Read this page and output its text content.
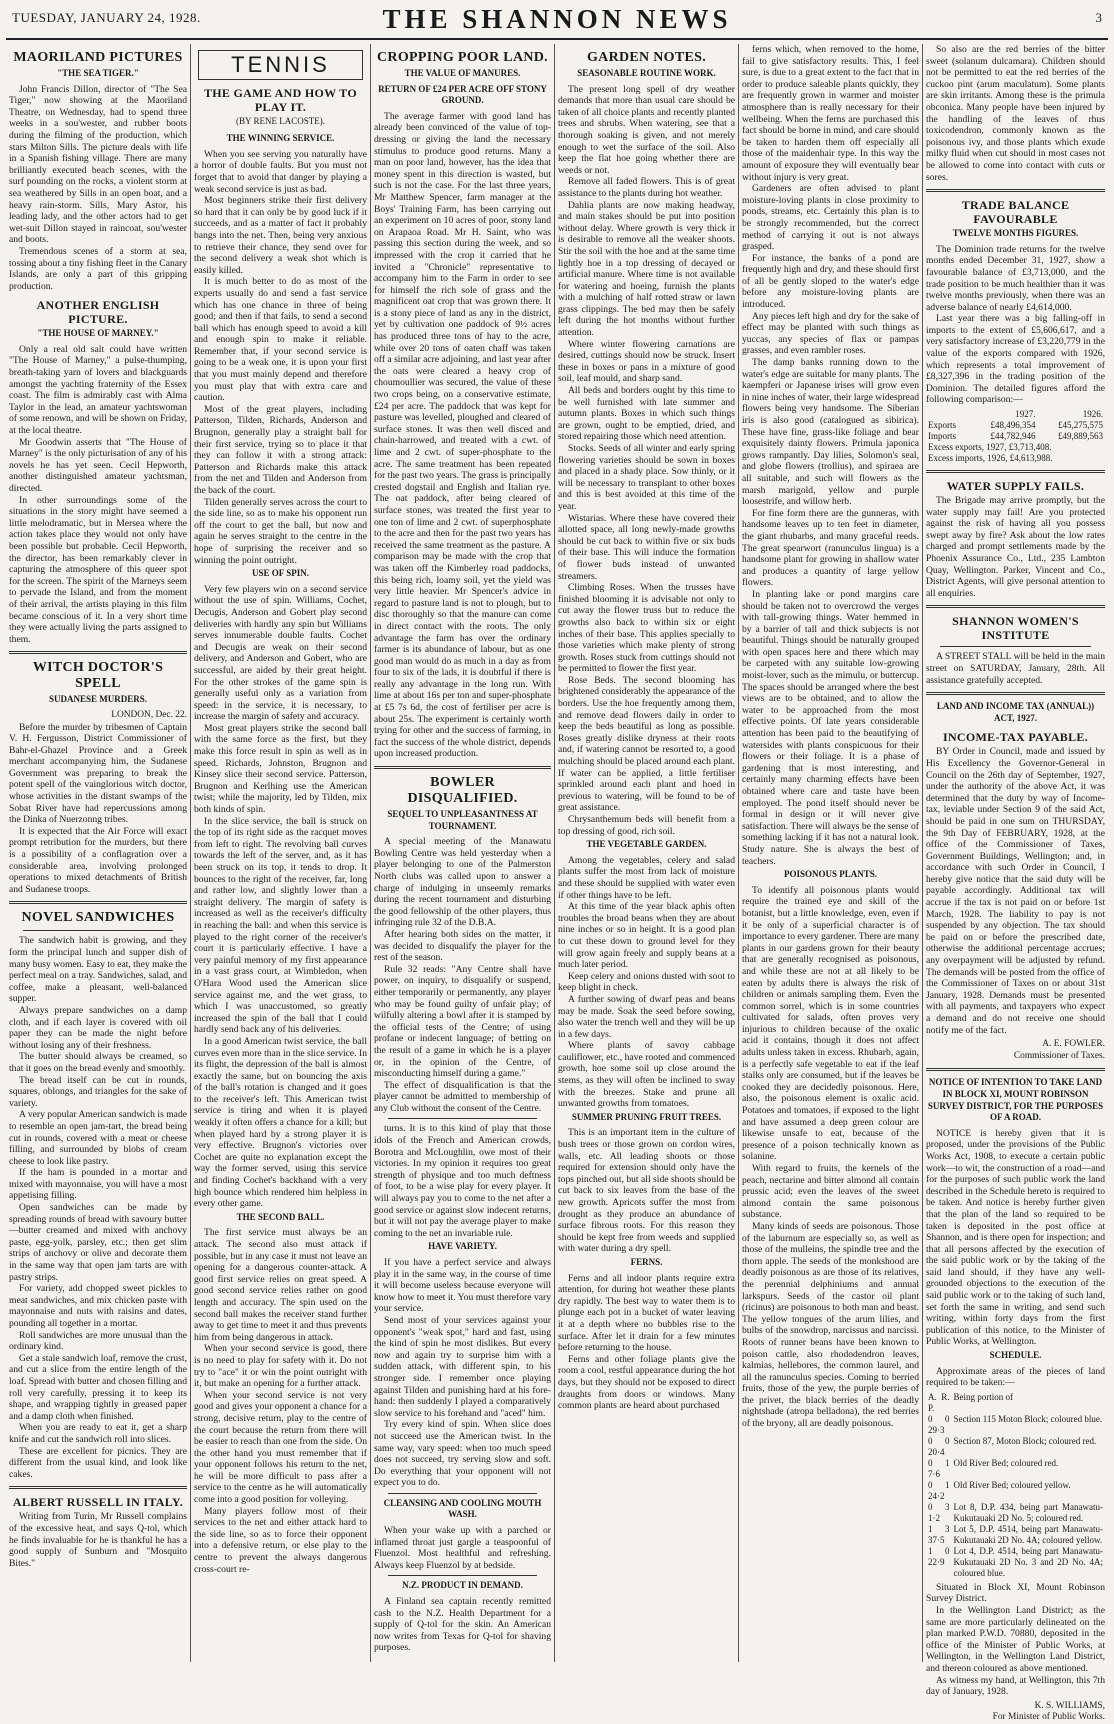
TUESDAY, JANUARY 24, 1928.	THE SHANNON NEWS	3
MAORILAND PICTURES
"THE SEA TIGER."

John Francis Dillon, director of "The Sea Tiger," now showing at the Maoriland Theatre, on Wednesday, had to spend three weeks in a sou'wester, and rubber boots during the filming of the production, which stars Milton Sills. The picture deals with life in a Spanish fishing village. There are many brilliantly executed beach scenes, with the surf pounding on the rocks, a violent storm at sea weathered by Sills in an open boat, and a heavy rain-storm. Sills, Mary Astor, his leading lady, and the other actors had to get wet-suit Dillon stayed in raincoat, sou'wester and boots.

Tremendous scenes of a storm at sea, tossing about a tiny fishing fleet in the Canary Islands, are only a part of this gripping production.

ANOTHER ENGLISH PICTURE.
"THE HOUSE OF MARNEY."

Only a real old salt could have written "The House of Marney," a pulse-thumping, breath-taking yarn of lovers and blackguards amongst the yachting fraternity of the Essex coast. The film is admirably cast with Alma Taylor in the lead, an amateur yachtswoman of some renown, and will be shown on Friday, at the local theatre.

Mr Goodwin asserts that "The House of Marney" is the only picturisation of any of his novels he has yet seen. Cecil Hepworth, another distinguished amateur yachtsman, directed.

In other surroundings some of the situations in the story might have seemed a little melodramatic, but in Mersea where the action takes place they would not only have been possible but probable. Cecil Hepworth, the director, has been remarkably clever in capturing the atmosphere of this queer spot for the screen. The spirit of the Marneys seem to pervade the Island, and from the moment of their arrival, the artists playing in this film became conscious of it. In a very short time they were actually living the parts assigned to them.

WITCH DOCTOR'S SPELL
SUDANESE MURDERS.
LONDON, Dec. 22.

Before the murder by tribesmen of Captain V. H. Fergusson, District Commissioner of Bahr-el-Ghazel Province and a Greek merchant accompanying him, the Sudanese Government was preparing to break the potent spell of the vainglorious witch doctor, whose activities in the distant swamps of the Sobat River have had repercussions among the Dinka of Nuerzonng tribes.

It is expected that the Air Force will exact prompt retribution for the murders, but there is a possibility of a conflagration over a considerable area, involving prolonged operations to mixed detachments of British and Sudanese troops.

NOVEL SANDWICHES

The sandwich habit is growing, and they form the principal lunch and supper dish of many busy women. Easy to eat, they make the perfect meal on a tray. Sandwiches, salad, and coffee, make a pleasant, well-balanced supper.

Always prepare sandwiches on a damp cloth, and if each layer is covered with oil paper they can be made the night before without losing any of their freshness.

The butter should always be creamed, so that it goes on the bread evenly and smoothly.

The bread itself can be cut in rounds, squares, oblongs, and triangles for the sake of variety.

A very popular American sandwich is made to resemble an open jam-tart, the bread being cut in rounds, covered with a meat or cheese filling, and surrounded by blobs of cream cheese to look like pastry.

If the ham is pounded in a mortar and mixed with mayonnaise, you will have a most appetising filling.

Open sandwiches can be made by spreading rounds of bread with savoury butter—butter creamed and mixed with anchovy paste, egg-yolk, parsley, etc.; then get slim strips of anchovy or olive and decorate them in the same way that open jam tarts are with pastry strips.

For variety, add chopped sweet pickles to meat sandwiches, and mix chicken paste with mayonnaise and nuts with raisins and dates, pounding all together in a mortar.

Roll sandwiches are more unusual than the ordinary kind.

Get a stale sandwich loaf, remove the crust, and cut a slice from the entire length of the loaf. Spread with butter and chosen filling and roll very carefully, pressing it to keep its shape, and wrapping tightly in greased paper and a damp cloth when finished.

When you are ready to eat it, get a sharp knife and cut the sandwich roll into slices.

These are excellent for picnics. They are different from the usual kind, and look like cakes.

ALBERT RUSSELL IN ITALY.

Writing from Turin, Mr Russell complains of the excessive heat, and says Q-tol, which he finds invaluable for he is thankful he has a good supply of Sunburn and "Mosquito Bites."

TENNIS
THE GAME AND HOW TO PLAY IT.
(BY RENE LACOSTE).
THE WINNING SERVICE.

When you see serving you naturally have a horror of double faults. But you must not forget that to avoid that danger by playing a weak second service is just as bad.

Most beginners strike their first delivery so hard that it can only be by good luck if it succeeds, and as a matter of fact it probably bangs into the net. Then, being very anxious to retrieve their chance, they send over for the second delivery a weak shot which is easily killed.

It is much better to do as most of the experts usually do and send a fast service which has one chance in three of being good; and then if that fails, to send a second ball which has enough speed to avoid a kill and enough spin to make it reliable. Remember that, if your second service is going to be a weak one, it is upon your first that you must mainly depend and therefore you must play that with extra care and caution.

Most of the great players, including Patterson, Tilden, Richards, Anderson and Brugnon, generally play a straight ball for their first service, trying so to place it that they can follow it with a strong attack: Patterson and Richards make this attack from the net and Tilden and Anderson from the back of the court.

Tilden generally serves across the court to the side line, so as to make his opponent run off the court to get the ball, but now and again he serves straight to the centre in the hope of surprising the receiver and so winning the point outright.

USE OF SPIN.

Very few players win on a second service without the use of spin. Williams, Cochet, Decugis, Anderson and Gobert play second deliveries with hardly any spin but Williams serves innumerable double faults. Cochet and Decugis are weak on their second delivery, and Anderson and Gobert, who are successful, are aided by their great height. For the other strokes of the game spin is generally useful only as a variation from speed: in the service, it is necessary, to increase the margin of safety and accuracy.

Most great players strike the second ball with the same force as the first, but they make this force result in spin as well as in speed. Richards, Johnston, Brugnon and Kinsey slice their second service. Patterson, Brugnon and Kerlhing use the American twist; while the majority, led by Tilden, mix both kinds of spin.

In the slice service, the ball is struck on the top of its right side as the racquet moves from left to right. The revolving ball curves towards the left of the server, and, as it has been struck on its top, it tends to drop. It bounces to the right of the receiver, far, long and rather low, and slightly lower than a straight delivery. The margin of safety is increased as well as the receiver's difficulty in reaching the ball: and when this service is played to the right corner of the receiver's court it is particularly effective. I have a very painful memory of my first appearance in a vast grass court, at Wimbledon, when O'Hara Wood used the American slice service against me, and the wet grass, to which I was unaccustomed, so greatly increased the spin of the ball that I could hardly send back any of his deliveries.

In a good American twist service, the ball curves even more than in the slice service. In its flight, the depression of the ball is almost exactly the same, but on bouncing the axis of the ball's rotation is changed and it goes to the receiver's left. This American twist service is tiring and when it is played weakly it often offers a chance for a kill; but when played hard by a strong player it is very effective. Brugnon's victories over Cochet are quite no explanation except the way the former served, using this service and finding Cochet's backhand with a very high bounce which rendered him helpless in every other game.

THE SECOND BALL.

The first service must always be an attack. The second also must attack if possible, but in any case it must not leave an opening for a dangerous counter-attack. A good first service relies on great speed. A good second service relies rather on good length and accuracy. The spin used on the second ball makes the receiver stand further away to get time to meet it and thus prevents him from being dangerous in attack.

When your second service is good, there is no need to play for safety with it. Do not try to "ace" it or win the point outright with it, but make an opening for a further attack.

When your second service is not very good and gives your opponent a chance for a strong, decisive return, play to the centre of the court because the return from there will be easier to reach than one from the side. On the other hand you must remember that if your opponent follows his return to the net, he will be more difficult to pass after a service to the centre as he will automatically come into a good position for volleying.

Many players follow most of their services to the net and either attack hard to the side line, so as to force their opponent into a defensive return, or else play to the centre to prevent the always dangerous cross-court re-

CROPPING POOR LAND.
THE VALUE OF MANURES.
RETURN OF £24 PER ACRE OFF STONY GROUND.

The average farmer with good land has already been convinced of the value of top-dressing or giving the land the necessary stimulus to produce good returns. Many a man on poor land, however, has the idea that money spent in this direction is wasted, but such is not the case. For the last three years, Mr Matthew Spencer, farm manager at the Boys' Training Farm, has been carrying out an experiment on 10 acres of poor, stony land on Arapaoa Road. Mr H. Saint, who was passing this section during the week, and so impressed with the crop it carried that he invited a "Chronicle" representative to accompany him to the Farm in order to see for himself the rich sole of grass and the magnificent oat crop that was grown there. It is a stony piece of land as any in the district, yet by cultivation one paddock of 9½ acres has produced three tons of hay to the acre, while over 20 tons of oaten chaff was taken off a similar acre adjoining, and last year after the oats were cleared a heavy crop of choumoullier was secured, the value of these two crops being, on a conservative estimate, £24 per acre. The paddock that was kept for pasture was levelled, ploughed and cleared of surface stones. It was then well disced and chain-harrowed, and treated with a cwt. of lime and 2 cwt. of super-phosphate to the acre. The same treatment has been repeated for the past two years. The grass is principally crested dogstail and English and Italian rye. The oat paddock, after being cleared of surface stones, was treated the first year to one ton of lime and 2 cwt. of superphosphate to the acre and then for the past two years has received the same treatment as the pasture. A comparison may be made with the crop that was taken off the Kimberley road paddocks, this being rich, loamy soil, yet the yield was very little heavier. Mr Spencer's advice in regard to pasture land is not to plough, but to disc thoroughly so that the manure can come in direct contact with the roots. The only advantage the farm has over the ordinary farmer is its abundance of labour, but as one good man would do as much in a day as from four to six of the lads, it is doubtful if there is really any advantage in the long run. With lime at about 16s per ton and super-phosphate at £5 7s 6d, the cost of fertiliser per acre is about 25s. The experiment is certainly worth trying for other and the success of farming, in fact the success of the whole district, depends upon increased production.

BOWLER DISQUALIFIED.
SEQUEL TO UNPLEASANTNESS AT TOURNAMENT.

A special meeting of the Manawatu Bowling Centre was held yesterday when a player belonging to one of the Palmerston North clubs was called upon to answer a charge of indulging in unseemly remarks during the recent tournament and disturbing the good fellowship of the other players, thus infringing rule 32 of the D.B.A.

After hearing both sides on the matter, it was decided to disqualify the player for the rest of the season.

Rule 32 reads: "Any Centre shall have power, on inquiry, to disqualify or suspend, either temporarily or permanently, any player who may be found guilty of unfair play; of wilfully altering a bowl after it is stamped by the official tests of the Centre; of using profane or indecent language; of betting on the result of a game in which he is a player or, in the opinion of the Centre, of misconducting himself during a game."

The effect of disqualification is that the player cannot be admitted to membership of any Club without the consent of the Centre.

turns. It is to this kind of play that those idols of the French and American crowds, Borotra and McLoughlin, owe most of their victories. In my opinion it requires too great strength of physique and too much deftness of foot, to be a wise play for every player. It will always pay you to come to the net after a good service or against slow indecent returns, but it will not pay the average player to make coming to the net an invariable rule.

HAVE VARIETY.

If you have a perfect service and always play it in the same way, in the course of time it will become useless because everyone will know how to meet it. You must therefore vary your service.

Send most of your services against your opponent's "weak spot," hard and fast, using the kind of spin he most dislikes. But every now and again try to surprise him with a sudden attack, with different spin, to his stronger side. I remember once playing against Tilden and punishing hard at his fore-hand: then suddenly I played a comparatively slow service to his forehand and "aced" him.

Try every kind of spin. When slice does not succeed use the American twist. In the same way, vary speed: when too much speed does not succeed, try serving slow and soft. Do everything that your opponent will not expect you to do.

CLEANSING AND COOLING MOUTH WASH.

When your wake up with a parched or inflamed throat just gargle a teaspoonful of Fluenzol. Most healthful and refreshing. Always keep Fluenzol by at bedside.

N.Z. PRODUCT IN DEMAND.

A Finland sea captain recently remitted cash to the N.Z. Health Department for a supply of Q-tol for the skin. An American now writes from Texas for Q-tol for shaving purposes.

GARDEN NOTES.
SEASONABLE ROUTINE WORK.

The present long spell of dry weather demands that more than usual care should be taken of all choice plants and recently planted trees and shrubs. When watering, see that a thorough soaking is given, and not merely enough to wet the surface of the soil. Also keep the flat hoe going whether there are weeds or not.

Remove all faded flowers. This is of great assistance to the plants during hot weather.

Dahlia plants are now making headway, and main stakes should be put into position without delay. Where growth is very thick it is desirable to remove all the weaker shoots. Stir the soil with the hoe and at the same time lightly hoe in a top dressing of decayed or artificial manure. Where time is not available for watering and hoeing, furnish the plants with a mulching of half rotted straw or lawn grass clippings. The bed may then be safely left during the hot months without further attention.

Where winter flowering carnations are desired, cuttings should now be struck. Insert these in boxes or pans in a mixture of good soil, leaf mould, and sharp sand.

All beds and borders ought by this time to be well furnished with late summer and autumn plants. Boxes in which such things are grown, ought to be emptied, dried, and stored repairing those which need attention.

Stocks. Seeds of all winter and early spring flowering varieties should be sown in boxes and placed in a shady place. Sow thinly, or it will be necessary to transplant to other boxes and this is best avoided at this time of the year.

Wistarias. Where these have covered their allotted space, all long newly-made growths should be cut back to within five or six buds of their base. This will induce the formation of flower buds instead of unwanted streamers.

Climbing Roses. When the trusses have finished blooming it is advisable not only to cut away the flower truss but to reduce the growths also back to within six or eight inches of their base. This applies specially to those varieties which make plenty of strong growth. Roses stuck from cuttings should not be permitted to flower the first year.

Rose Beds. The second blooming has brightened considerably the appearance of the borders. Use the hoe frequently among them, and remove dead flowers daily in order to keep the beds beautiful as long as possible. Roses greatly dislike dryness at their roots and, if watering cannot be resorted to, a good mulching should be placed around each plant. If water can be applied, a little fertiliser sprinkled around each plant and hoed in previous to watering, will be found to be of great assistance.

Chrysanthemum beds will benefit from a top dressing of good, rich soil.

THE VEGETABLE GARDEN.

Among the vegetables, celery and salad plants suffer the most from lack of moisture and these should be supplied with water even if other things have to be left.

At this time of the year black aphis often troubles the broad beans when they are about nine inches or so in height. It is a good plan to cut these down to ground level for they will grow again freely and supply beans at a much later period.

Keep celery and onions dusted with soot to keep blight in check.

A further sowing of dwarf peas and beans may be made. Soak the seed before sowing, also water the trench well and they will be up in a few days.

Where plants of savoy cabbage cauliflower, etc., have rooted and commenced growth, hoe some soil up close around the stems, as they will often be inclined to sway with the breezes. Stake and prune all unwanted growths from tomatoes.

SUMMER PRUNING FRUIT TREES.

This is an important item in the culture of bush trees or those grown on cordon wires, walls, etc. All leading shoots or those required for extension should only have the tops pinched out, but all side shoots should be cut back to six leaves from the base of the new growth. Apricots suffer the most from drought as they produce an abundance of surface fibrous roots. For this reason they should be kept free from weeds and supplied with water during a dry spell.

FERNS.

Ferns and all indoor plants require extra attention, for during hot weather these plants dry rapidly. The best way to water them is to plunge each pot in a bucket of water leaving it at a depth where no bubbles rise to the surface. After let it drain for a few minutes before returning to the house.

Ferns and other foliage plants give the room a cool, restful appearance during the hot days, but they should not be exposed to direct draughts from doors or windows. Many common plants are heard about purchased

ferns which, when removed to the home, fail to give satisfactory results. This, I feel sure, is due to a great extent to the fact that in order to produce saleable plants quickly, they are frequently grown in warmer and moister atmosphere than is really necessary for their wellbeing. When the ferns are purchased this fact should be borne in mind, and care should be taken to harden them off especially all those of the maidenhair type. In this way the amount of exposure they will eventually bear without injury is very great.

Gardeners are often advised to plant moisture-loving plants in close proximity to ponds, streams, etc. Certainly this plan is to be strongly recommended, but the correct method of carrying it out is not always grasped.

For instance, the banks of a pond are frequently high and dry, and these should first of all be gently sloped to the water's edge before any moisture-loving plants are introduced.

Any pieces left high and dry for the sake of effect may be planted with such things as yuccas, any species of flax or pampas grasses, and even rambler roses.

The damp banks running down to the water's edge are suitable for many plants. The kaempferi or Japanese irises will grow even in nine inches of water, their large widespread flowers being very handsome. The Siberian iris is also good (catalogued as sibirica). These have fine, grass-like foliage and bear exquisitely dainty flowers. Primula japonica grows rampantly. Day lilies, Solomon's seal, and globe flowers (trollius), and spiraea are all suitable, and such will flowers as the marsh marigold, yellow and purple loosestrife, and willow herb.

For fine form there are the gunneras, with handsome leaves up to ten feet in diameter, the giant rhubarbs, and many graceful reeds. The great spearwort (ranunculus lingua) is a handsome plant for growing in shallow water and produces a quantity of large yellow flowers.

In planting lake or pond margins care should be taken not to overcrowd the verges with tall-growing things. Water hemmed in by a barrier of tall and thick subjects is not beautiful. Things should be naturally grouped with open spaces here and there which may be carpeted with any suitable low-growing moist-lover, such as the mimulu, or buttercup. The spaces should be arranged where the best views are to be obtained, and to allow the water to be approached from the most effective points. Of late years considerable attention has been paid to the beautifying of watersides with plants conspicuous for their flowers or their foliage. It is a phase of gardening that is most interesting, and certainly many charming effects have been obtained where care and taste have been employed. The pond itself should never be formal in design or it will never give satisfaction. There will always be the sense of something lacking if it has not a natural look. Study nature. She is always the best of teachers.

POISONOUS PLANTS.

To identify all poisonous plants would require the trained eye and skill of the botanist, but a little knowledge, even, even if it be only of a superficial character is of importance to every gardener. There are many plants in our gardens grown for their beauty that are generally recognised as poisonous, and while these are not at all likely to be eaten by adults there is always the risk of children or animals sampling them. Even the common sorrel, which is in some countries cultivated for salads, often proves very injurious to children because of the oxalic acid it contains, though it does not affect adults unless taken in excess. Rhubarb, again, is a perfectly safe vegetable to eat if the leaf stalks only are consumed, but if the leaves be cooked they are decidedly poisonous. Here, also, the poisonous element is oxalic acid. Potatoes and tomatoes, if exposed to the light and have assumed a deep green colour are likewise unsafe to eat, because of the presence of a poison technically known as solanine.

With regard to fruits, the kernels of the peach, nectarine and bitter almond all contain prussic acid; even the leaves of the sweet almond contain the same poisonous substance.

Many kinds of seeds are poisonous. Those of the laburnum are especially so, as well as those of the mulleins, the spindle tree and the thorn apple. The seeds of the monkshood are deadly poisonous as are those of its relatives, the perennial delphiniums and annual larkspurs. Seeds of the castor oil plant (ricinus) are poisonous to both man and beast. The yellow tongues of the arum lilies, and bulbs of the snowdrop, narcissus and narcissi. Roots of runner beans have been known to poison cattle, also rhododendron leaves, kalmias, hellebores, the common laurel, and all the ranunculus species. Coming to berried fruits, those of the yew, the purple berries of the privet, the black berries of the deadly nightshade (atropa belladona), the red berries of the bryony, all are deadly poisonous.

So also are the red berries of the bitter sweet (solanum dulcamara). Children should not be permitted to eat the red berries of the cuckoo pint (arum maculatum). Some plants are skin irritants. Among these is the primula obconica. Many people have been injured by the handling of the leaves of rhus toxicodendron, commonly known as the poisonous ivy, and those plants which exude milky fluid when cut should in most cases not be allowed to come into contact with cuts or sores.

TRADE BALANCE FAVOURABLE
TWELVE MONTHS FIGURES.

The Dominion trade returns for the twelve months ended December 31, 1927, show a favourable balance of £3,713,000, and the trade position to be much healthier than it was twelve months previously, when there was an adverse balance of nearly £4,614,000.

Last year there was a big falling-off in imports to the extent of £5,606,617, and a very satisfactory increase of £3,220,779 in the value of the exports compared with 1926, which represents a total improvement of £8,327,396 in the trading position of the Dominion. The detailed figures afford the following comparison:—

	1927.	1926.
Exports	£48,496,354	£45,275,575
Imports	£44,782,946	£49,889,563
Excess exports, 1927, £3,713,408.		
Excess imports, 1926, £4,613,988.		
WATER SUPPLY FAILS.

The Brigade may arrive promptly, but the water supply may fail! Are you protected against the risk of having all you possess swept away by fire? Ask about the low rates charged and prompt settlements made by the Phoenix Assurance Co., Ltd., 235 Lambton Quay, Wellington. Parker, Vincent and Co., District Agents, will give personal attention to all enquiries.

SHANNON WOMEN'S INSTITUTE

A STREET STALL will be held in the main street on SATURDAY, January, 28th. All assistance gratefully accepted.

LAND AND INCOME TAX (ANNUAL)) ACT, 1927.
INCOME-TAX PAYABLE.

BY Order in Council, made and issued by His Excellency the Governor-General in Council on the 26th day of September, 1927, under the authority of the above Act, it was determined that the duty by way of Income-tax, leviable under Section 9 of the said Act, should be paid in one sum on THURSDAY, the 9th Day of FEBRUARY, 1928, at the office of the Commissioner of Taxes, Government Buildings, Wellington; and, in accordance with such Order in Council, I hereby give notice that the said duty will be payable accordingly. Additional tax will accrue if the tax is not paid on or before 1st March, 1928. The liability to pay is not suspended by any objection. The tax should be paid on or before the prescribed date, otherwise the additional percentage accrues; any overpayment will be adjusted by refund. The demands will be posted from the office of the Commissioner of Taxes on or about 31st January, 1928. Demands must be presented with all payments, and taxpayers who expect a demand and do not receive one should notify me of the fact.

A. E. FOWLER.
Commissioner of Taxes.
NOTICE OF INTENTION TO TAKE LAND IN BLOCK XI, MOUNT ROBINSON SURVEY DISTRICT, FOR THE PURPOSES OF A ROAD.

NOTICE is hereby given that it is proposed, under the provisions of the Public Works Act, 1908, to execute a certain public work—to wit, the construction of a road—and for the purposes of such public work the land described in the Schedule hereto is required to be taken. And notice is hereby further given that the plan of the land so required to be taken is deposited in the post office at Shannon, and is there open for inspection; and that all persons affected by the execution of the said public work or by the taking of the said land should, if they have any well-grounded objections to the execution of the said public work or to the taking of such land, set forth the same in writing, and send such writing, within forty days from the first publication of this notice, to the Minister of Public Works, at Wellington.

SCHEDULE.

Approximate areas of the pieces of land required to be taken:—

A. R. P.	Being portion of
0 0 29·3	Section 115 Moton Block; coloured blue.
0 0 20·4	Section 87, Moton Block; coloured red.
0 1 7·6	Old River Bed; coloured red.
0 1 24·2	Old River Bed; coloured yellow.
0 3 1·2	Lot 8, D.P. 434, being part Manawatu-Kukutauaki 2D No. 5; coloured red.
1 3 37·5	Lot 5, D.P. 4514, being part Manawatu-Kukutauaki 2D No. 4A; coloured yellow.
1 0 22·9	Lot 4, D.P. 4514, being part Manawatu-Kukutauaki 2D No. 3 and 2D No. 4A; coloured blue.

Situated in Block XI, Mount Robinson Survey District.

In the Wellington Land District; as the same are more particularly delineated on the plan marked P.W.D. 70880, deposited in the office of the Minister of Public Works, at Wellington, in the Wellington Land District, and thereon coloured as above mentioned.

As witness my hand, at Wellington, this 7th day of January, 1928.

K. S. WILLIAMS,
For Minister of Public Works.
